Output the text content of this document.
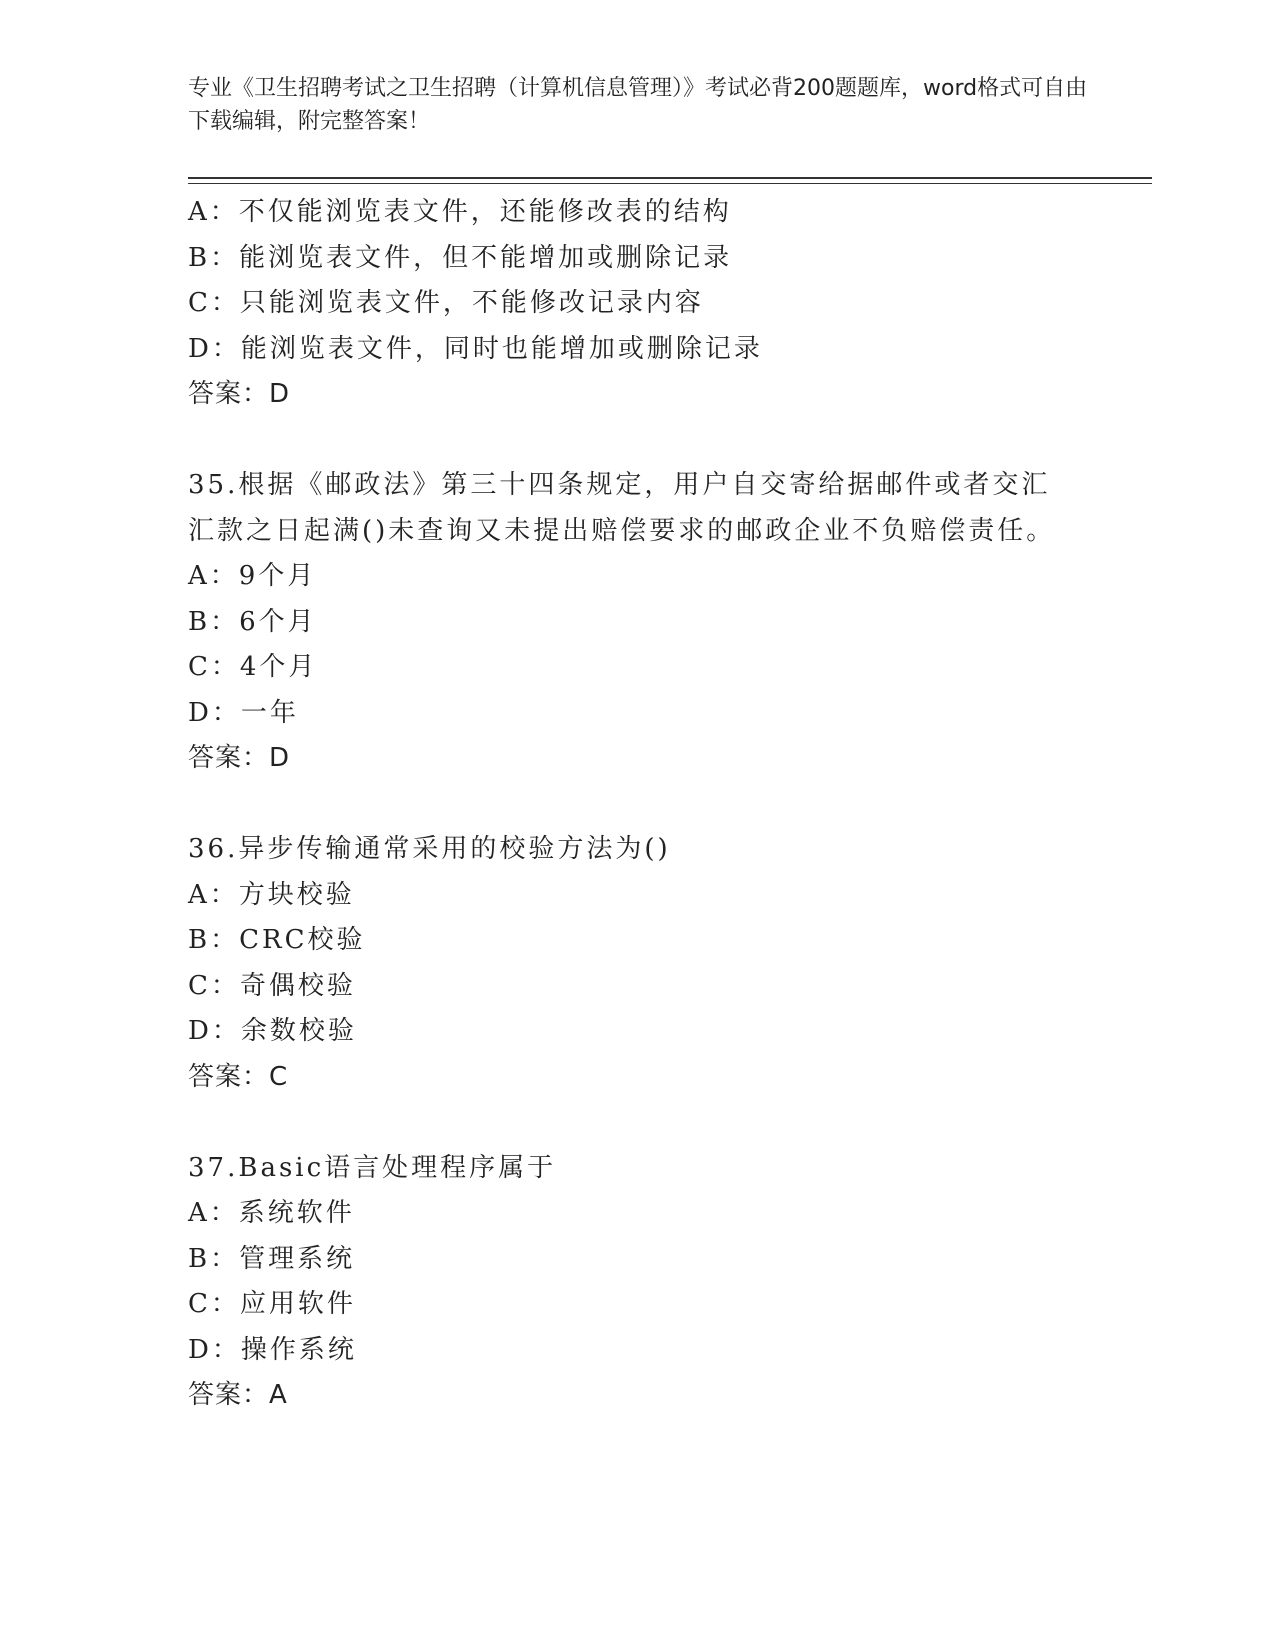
专业《卫生招聘考试之卫生招聘（计算机信息管理）》考试必背200题题库，word格式可自由下载编辑，附完整答案！
A：不仅能浏览表文件，还能修改表的结构
B：能浏览表文件，但不能增加或删除记录
C：只能浏览表文件，不能修改记录内容
D：能浏览表文件，同时也能增加或删除记录
答案：D
35.根据《邮政法》第三十四条规定，用户自交寄给据邮件或者交汇汇款之日起满()未查询又未提出赔偿要求的邮政企业不负赔偿责任。
A：9个月
B：6个月
C：4个月
D：一年
答案：D
36.异步传输通常采用的校验方法为()
A：方块校验
B：CRC校验
C：奇偶校验
D：余数校验
答案：C
37.Basic语言处理程序属于
A：系统软件
B：管理系统
C：应用软件
D：操作系统
答案：A
